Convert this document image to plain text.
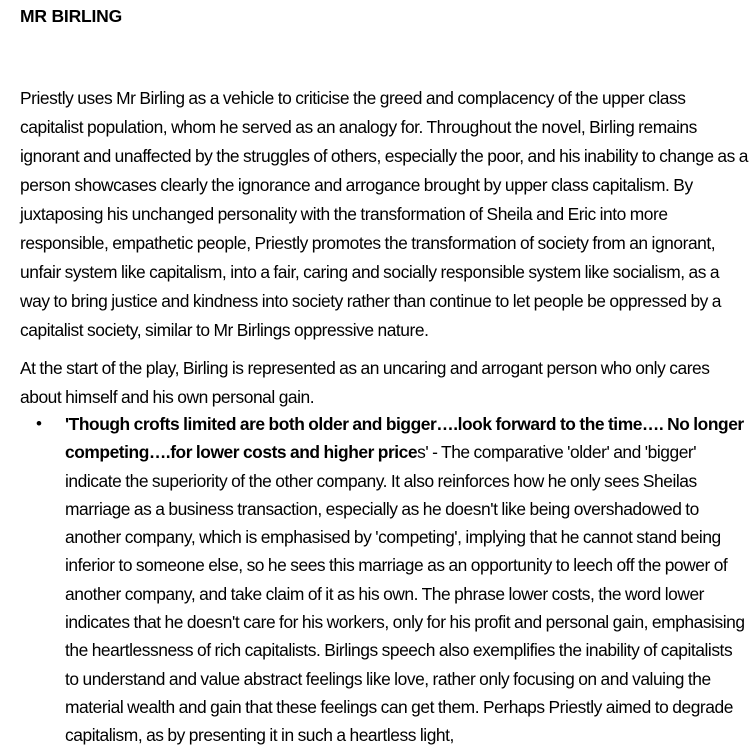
MR BIRLING

Priestly uses Mr Birling as a vehicle to criticise the greed and complacency of the upper class capitalist population, whom he served as an analogy for. Throughout the novel, Birling remains ignorant and unaffected by the struggles of others, especially the poor, and his inability to change as a person showcases clearly the ignorance and arrogance brought by upper class capitalism. By juxtaposing his unchanged personality with the transformation of Sheila and Eric into more responsible, empathetic people, Priestly promotes the transformation of society from an ignorant, unfair system like capitalism, into a fair, caring and socially responsible system like socialism, as a way to bring justice and kindness into society rather than continue to let people be oppressed by a capitalist society, similar to Mr Birlings oppressive nature.

At the start of the play, Birling is represented as an uncaring and arrogant person who only cares about himself and his own personal gain.

• 'Though crofts limited are both older and bigger….look forward to the time…. No longer competing….for lower costs and higher prices' - The comparative 'older' and 'bigger' indicate the superiority of the other company. It also reinforces how he only sees Sheilas marriage as a business transaction, especially as he doesn't like being overshadowed to another company, which is emphasised by 'competing', implying that he cannot stand being inferior to someone else, so he sees this marriage as an opportunity to leech off the power of another company, and take claim of it as his own. The phrase lower costs, the word lower indicates that he doesn't care for his workers, only for his profit and personal gain, emphasising the heartlessness of rich capitalists. Birlings speech also exemplifies the inability of capitalists to understand and value abstract feelings like love, rather only focusing on and valuing the material wealth and gain that these feelings can get them. Perhaps Priestly aimed to degrade capitalism, as by presenting it in such a heartless light,
